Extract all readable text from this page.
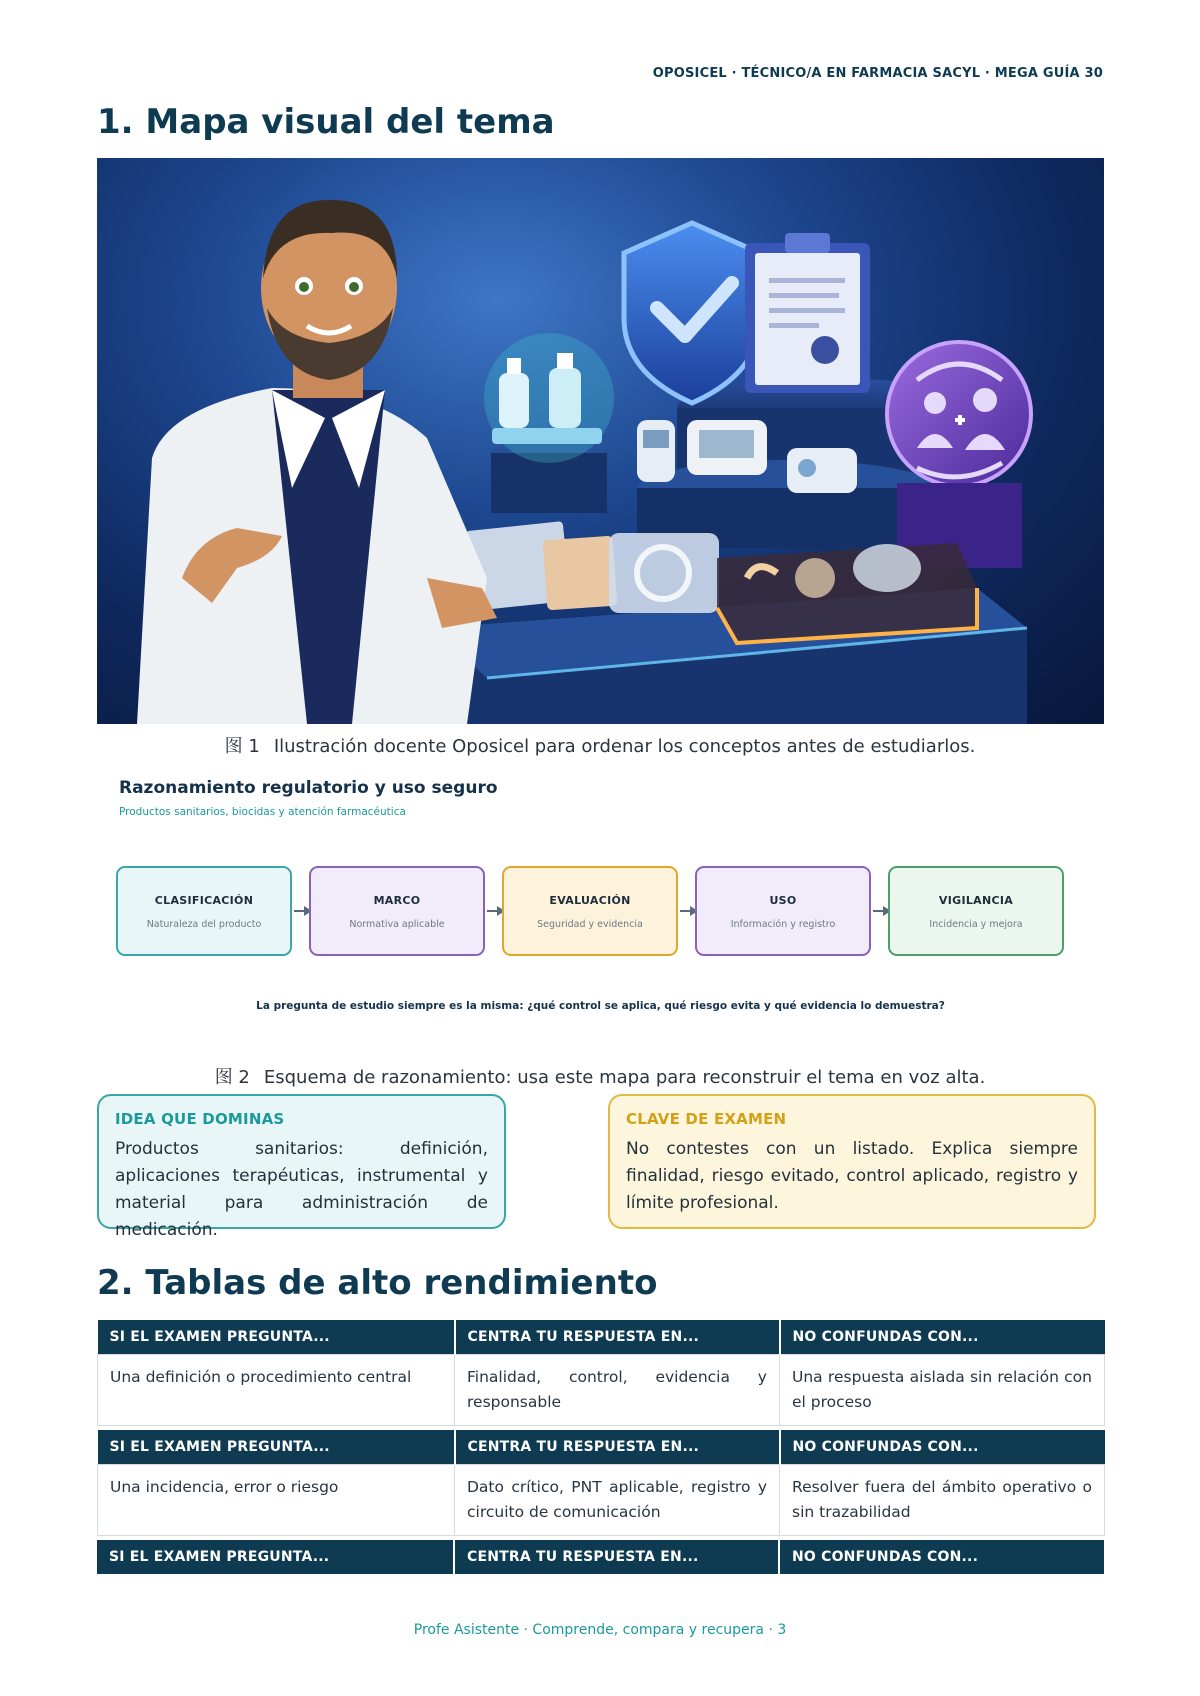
OPOSICEL · TÉCNICO/A EN FARMACIA SACYL · MEGA GUÍA 30
1. Mapa visual del tema
图 1 Ilustración docente Oposicel para ordenar los conceptos antes de estudiarlos.
Razonamiento regulatorio y uso seguro
Productos sanitarios, biocidas y atención farmacéutica
CLASIFICACIÓN
Naturaleza del producto
MARCO
Normativa aplicable
EVALUACIÓN
Seguridad y evidencia
USO
Información y registro
VIGILANCIA
Incidencia y mejora
La pregunta de estudio siempre es la misma: ¿qué control se aplica, qué riesgo evita y qué evidencia lo demuestra?
图 2 Esquema de razonamiento: usa este mapa para reconstruir el tema en voz alta.
IDEA QUE DOMINAS
Productos sanitarios: definición, aplicaciones terapéuticas, instrumental y material para administración de medicación.
CLAVE DE EXAMEN
No contestes con un listado. Explica siempre finalidad, riesgo evitado, control aplicado, registro y límite profesional.
2. Tablas de alto rendimiento
SI EL EXAMEN PREGUNTA...	CENTRA TU RESPUESTA EN...	NO CONFUNDAS CON...
Una definición o procedimiento central	Finalidad, control, evidencia y responsable	Una respuesta aislada sin relación con el proceso
SI EL EXAMEN PREGUNTA...	CENTRA TU RESPUESTA EN...	NO CONFUNDAS CON...
Una incidencia, error o riesgo	Dato crítico, PNT aplicable, registro y circuito de comunicación	Resolver fuera del ámbito operativo o sin trazabilidad
SI EL EXAMEN PREGUNTA...	CENTRA TU RESPUESTA EN...	NO CONFUNDAS CON...
Profe Asistente · Comprende, compara y recupera · 3
